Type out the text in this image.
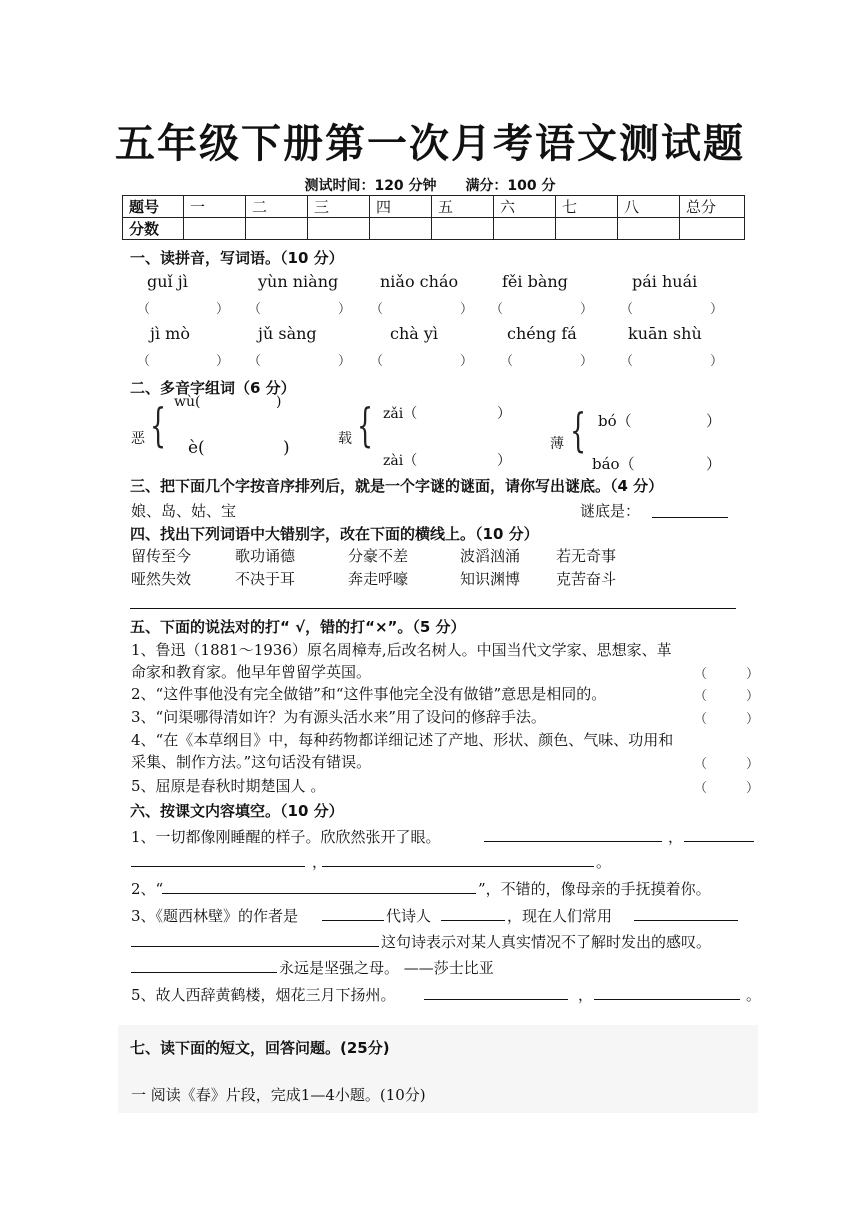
五年级下册第一次月考语文测试题
测试时间：120 分钟 满分：100 分
题号	一	二	三	四	五	六	七	八	总分
分数									
一、读拼音，写词语。（10 分）
guǐ jì	yùn niàng	niǎo cháo	fěi bàng	pái huái
（	） （	） （	） （	） （	）
jì mò	jǔ sàng	chà yì	chéng fá	kuān shù
（	） （	） （	） （	） （	）
二、多音字组词（6 分）
恶 { wù(	)
è(	)	载 { zǎi（	）
zài（	）
薄 { bó（	）
báo（	）
三、把下面几个字按音序排列后，就是一个字谜的谜面，请你写出谜底。（4 分）
娘、岛、姑、宝	谜底是：
四、找出下列词语中大错别字，改在下面的横线上。（10 分）
留传至今	歌功诵德	分豪不差	波滔汹涌 若无奇事
哑然失效	不决于耳	奔走呼嚎	知识渊博 克苦奋斗
五、下面的说法对的打“ √，错的打“×”。（5 分）
1、鲁迅（1881～1936）原名周樟寿,后改名树人。中国当代文学家、思想家、革
命家和教育家。他早年曾留学英国。	（	）
2、“这件事他没有完全做错”和“这件事他完全没有做错”意思是相同的。	（	）
3、“问渠哪得清如许？为有源头活水来”用了设问的修辞手法。	（	）
4、“在《本草纲目》中，每种药物都详细记述了产地、形状、颜色、气味、功用和
采集、制作方法。”这句话没有错误。	（	）
5、屈原是春秋时期楚国人 。	（	）
六、按课文内容填空。（10 分）
1、一切都像刚睡醒的样子。欣欣然张开了眼。	，
，	。
2、“	”，不错的，像母亲的手抚摸着你。
3、《题西林壁》的作者是	代诗人	，现在人们常用
这句诗表示对某人真实情况不了解时发出的感叹。
永远是坚强之母。 ——莎士比亚
5、故人西辞黄鹤楼，烟花三月下扬州。	，	。
七、读下面的短文，回答问题。(25分)
一 阅读《春》片段，完成1—4小题。(10分)
